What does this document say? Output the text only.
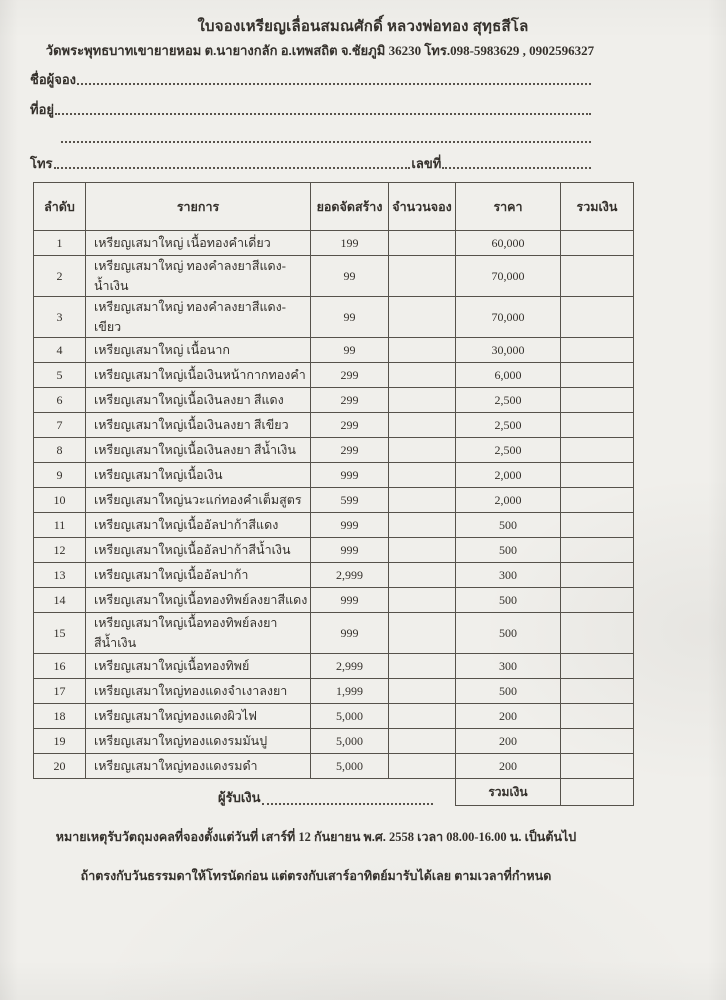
ใบจองเหรียญเลื่อนสมณศักดิ์ หลวงพ่อทอง สุทฺธสีโล
วัดพระพุทธบาทเขายายหอม ต.นายางกลัก อ.เทพสถิต จ.ชัยภูมิ 36230 โทร.098-5983629 , 0902596327
ชื่อผู้จอง
ที่อยู่
โทร	เลขที่
ลำดับ	รายการ	ยอดจัดสร้าง	จำนวนจอง	ราคา	รวมเงิน
1	เหรียญเสมาใหญ่ เนื้อทองคำเดี่ยว	199		60,000	
2	เหรียญเสมาใหญ่ ทองคำลงยาสีแดง-น้ำเงิน	99		70,000	
3	เหรียญเสมาใหญ่ ทองคำลงยาสีแดง-เขียว	99		70,000	
4	เหรียญเสมาใหญ่ เนื้อนาก	99		30,000	
5	เหรียญเสมาใหญ่เนื้อเงินหน้ากากทองคำ	299		6,000	
6	เหรียญเสมาใหญ่เนื้อเงินลงยา สีแดง	299		2,500	
7	เหรียญเสมาใหญ่เนื้อเงินลงยา สีเขียว	299		2,500	
8	เหรียญเสมาใหญ่เนื้อเงินลงยา สีน้ำเงิน	299		2,500	
9	เหรียญเสมาใหญ่เนื้อเงิน	999		2,000	
10	เหรียญเสมาใหญ่นวะแก่ทองคำเต็มสูตร	599		2,000	
11	เหรียญเสมาใหญ่เนื้ออัลปาก้าสีแดง	999		500	
12	เหรียญเสมาใหญ่เนื้ออัลปาก้าสีน้ำเงิน	999		500	
13	เหรียญเสมาใหญ่เนื้ออัลปาก้า	2,999		300	
14	เหรียญเสมาใหญ่เนื้อทองทิพย์ลงยาสีแดง	999		500	
15	เหรียญเสมาใหญ่เนื้อทองทิพย์ลงยาสีน้ำเงิน	999		500	
16	เหรียญเสมาใหญ่เนื้อทองทิพย์	2,999		300	
17	เหรียญเสมาใหญ่ทองแดงจำเงาลงยา	1,999		500	
18	เหรียญเสมาใหญ่ทองแดงผิวไฟ	5,000		200	
19	เหรียญเสมาใหญ่ทองแดงรมมันปู	5,000		200	
20	เหรียญเสมาใหญ่ทองแดงรมดำ	5,000		200	
				รวมเงิน	
ผู้รับเงิน
หมายเหตุรับวัตถุมงคลที่จองตั้งแต่วันที่ เสาร์ที่ 12 กันยายน พ.ศ. 2558 เวลา 08.00-16.00 น. เป็นต้นไป
ถ้าตรงกับวันธรรมดาให้โทรนัดก่อน แต่ตรงกับเสาร์อาทิตย์มารับได้เลย ตามเวลาที่กำหนด
